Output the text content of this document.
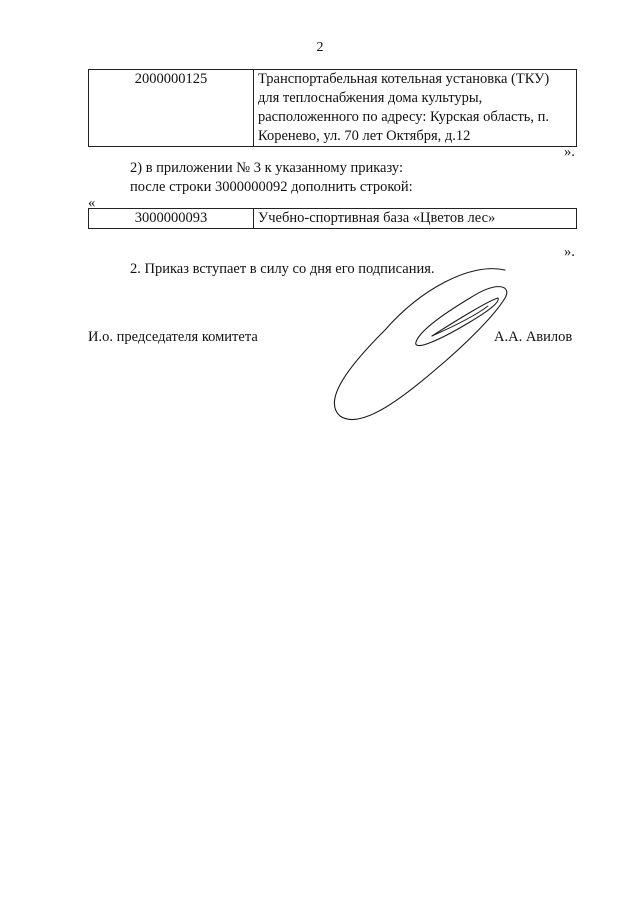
2
2000000125	Транспортабельная котельная установка (ТКУ)
для теплоснабжения дома культуры,
расположенного по адресу: Курская область, п.
Коренево, ул. 70 лет Октября, д.12
».
2) в приложении № 3 к указанному приказу:
после строки 3000000092 дополнить строкой:
«
3000000093	Учебно-спортивная база «Цветов лес»
».
2. Приказ вступает в силу со дня его подписания.
И.о. председателя комитета	А.А. Авилов
